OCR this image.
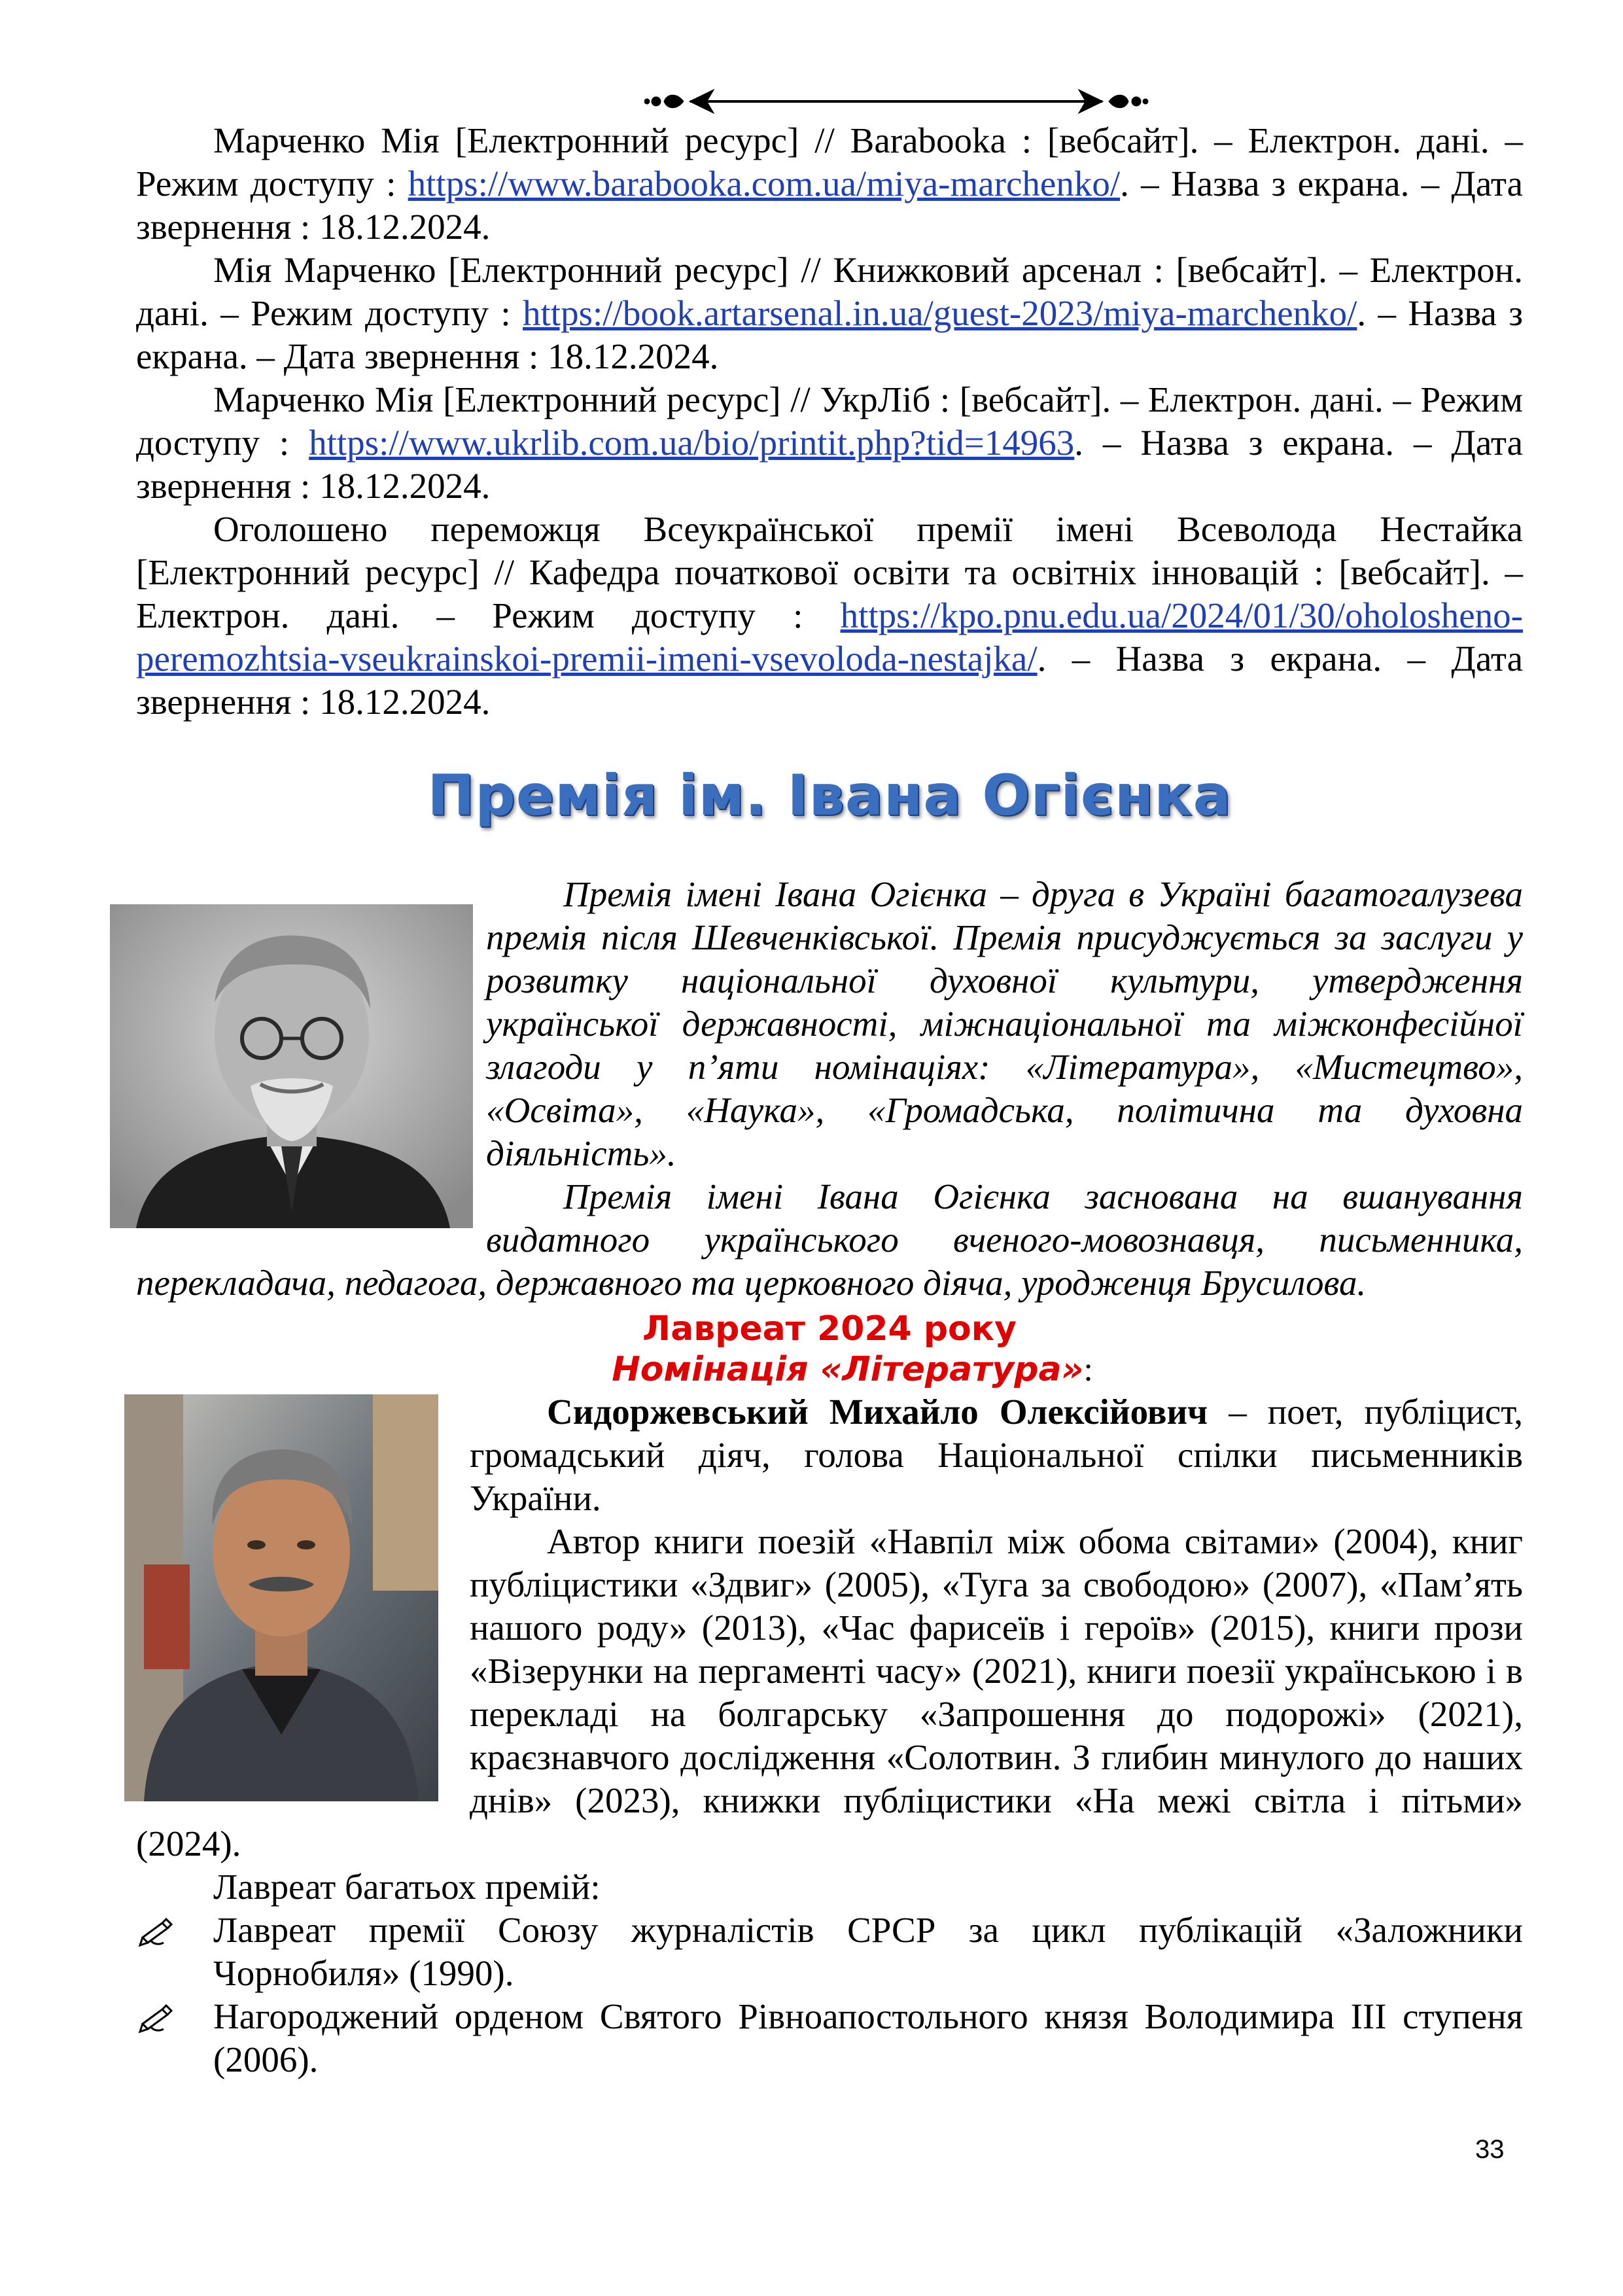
Марченко Мія [Електронний ресурс] // Barabooka : [вебсайт]. – Електрон. дані. – Режим доступу : https://www.barabooka.com.ua/miya-marchenko/. – Назва з екрана. – Дата звернення : 18.12.2024.

Мія Марченко [Електронний ресурс] // Книжковий арсенал : [вебсайт]. – Електрон. дані. – Режим доступу : https://book.artarsenal.in.ua/guest-2023/miya-marchenko/. – Назва з екрана. – Дата звернення : 18.12.2024.

Марченко Мія [Електронний ресурс] // УкрЛіб : [вебсайт]. – Електрон. дані. – Режим доступу : https://www.ukrlib.com.ua/bio/printit.php?tid=14963. – Назва з екрана. – Дата звернення : 18.12.2024.

Оголошено переможця Всеукраїнської премії імені Всеволода Нестайка [Електронний ресурс] // Кафедра початкової освіти та освітніх інновацій : [вебсайт]. – Електрон. дані. – Режим доступу : https://kpo.pnu.edu.ua/2024/01/30/oholosheno-peremozhtsia-vseukrainskoi-premii-imeni-vsevoloda-nestajka/. – Назва з екрана. – Дата звернення : 18.12.2024.

Премія ім. Івана Огієнка

Премія імені Івана Огієнка – друга в Україні багатогалузева премія після Шевченківської. Премія присуджується за заслуги у розвитку національної духовної культури, утвердження української державності, міжнаціональної та міжконфесійної злагоди у п’яти номінаціях: «Література», «Мистецтво», «Освіта», «Наука», «Громадська, політична та духовна діяльність».

Премія імені Івана Огієнка заснована на вшанування видатного українського вченого-мовознавця, письменника, перекладача, педагога, державного та церковного діяча, уродженця Брусилова.

Лавреат 2024 року
Номінація «Література»:

Сидоржевський Михайло Олексійович – поет, публіцист, громадський діяч, голова Національної спілки письменників України.

Автор книги поезій «Навпіл між обома світами» (2004), книг публіцистики «Здвиг» (2005), «Туга за свободою» (2007), «Пам’ять нашого роду» (2013), «Час фарисеїв і героїв» (2015), книги прози «Візерунки на пергаменті часу» (2021), книги поезії українською і в перекладі на болгарську «Запрошення до подорожі» (2021), краєзнавчого дослідження «Солотвин. З глибин минулого до наших днів» (2023), книжки публіцистики «На межі світла і пітьми» (2024).

Лавреат багатьох премій:

Лавреат премії Союзу журналістів СРСР за цикл публікацій «Заложники Чорнобиля» (1990).
Нагороджений орденом Святого Рівноапостольного князя Володимира III ступеня (2006).
33
